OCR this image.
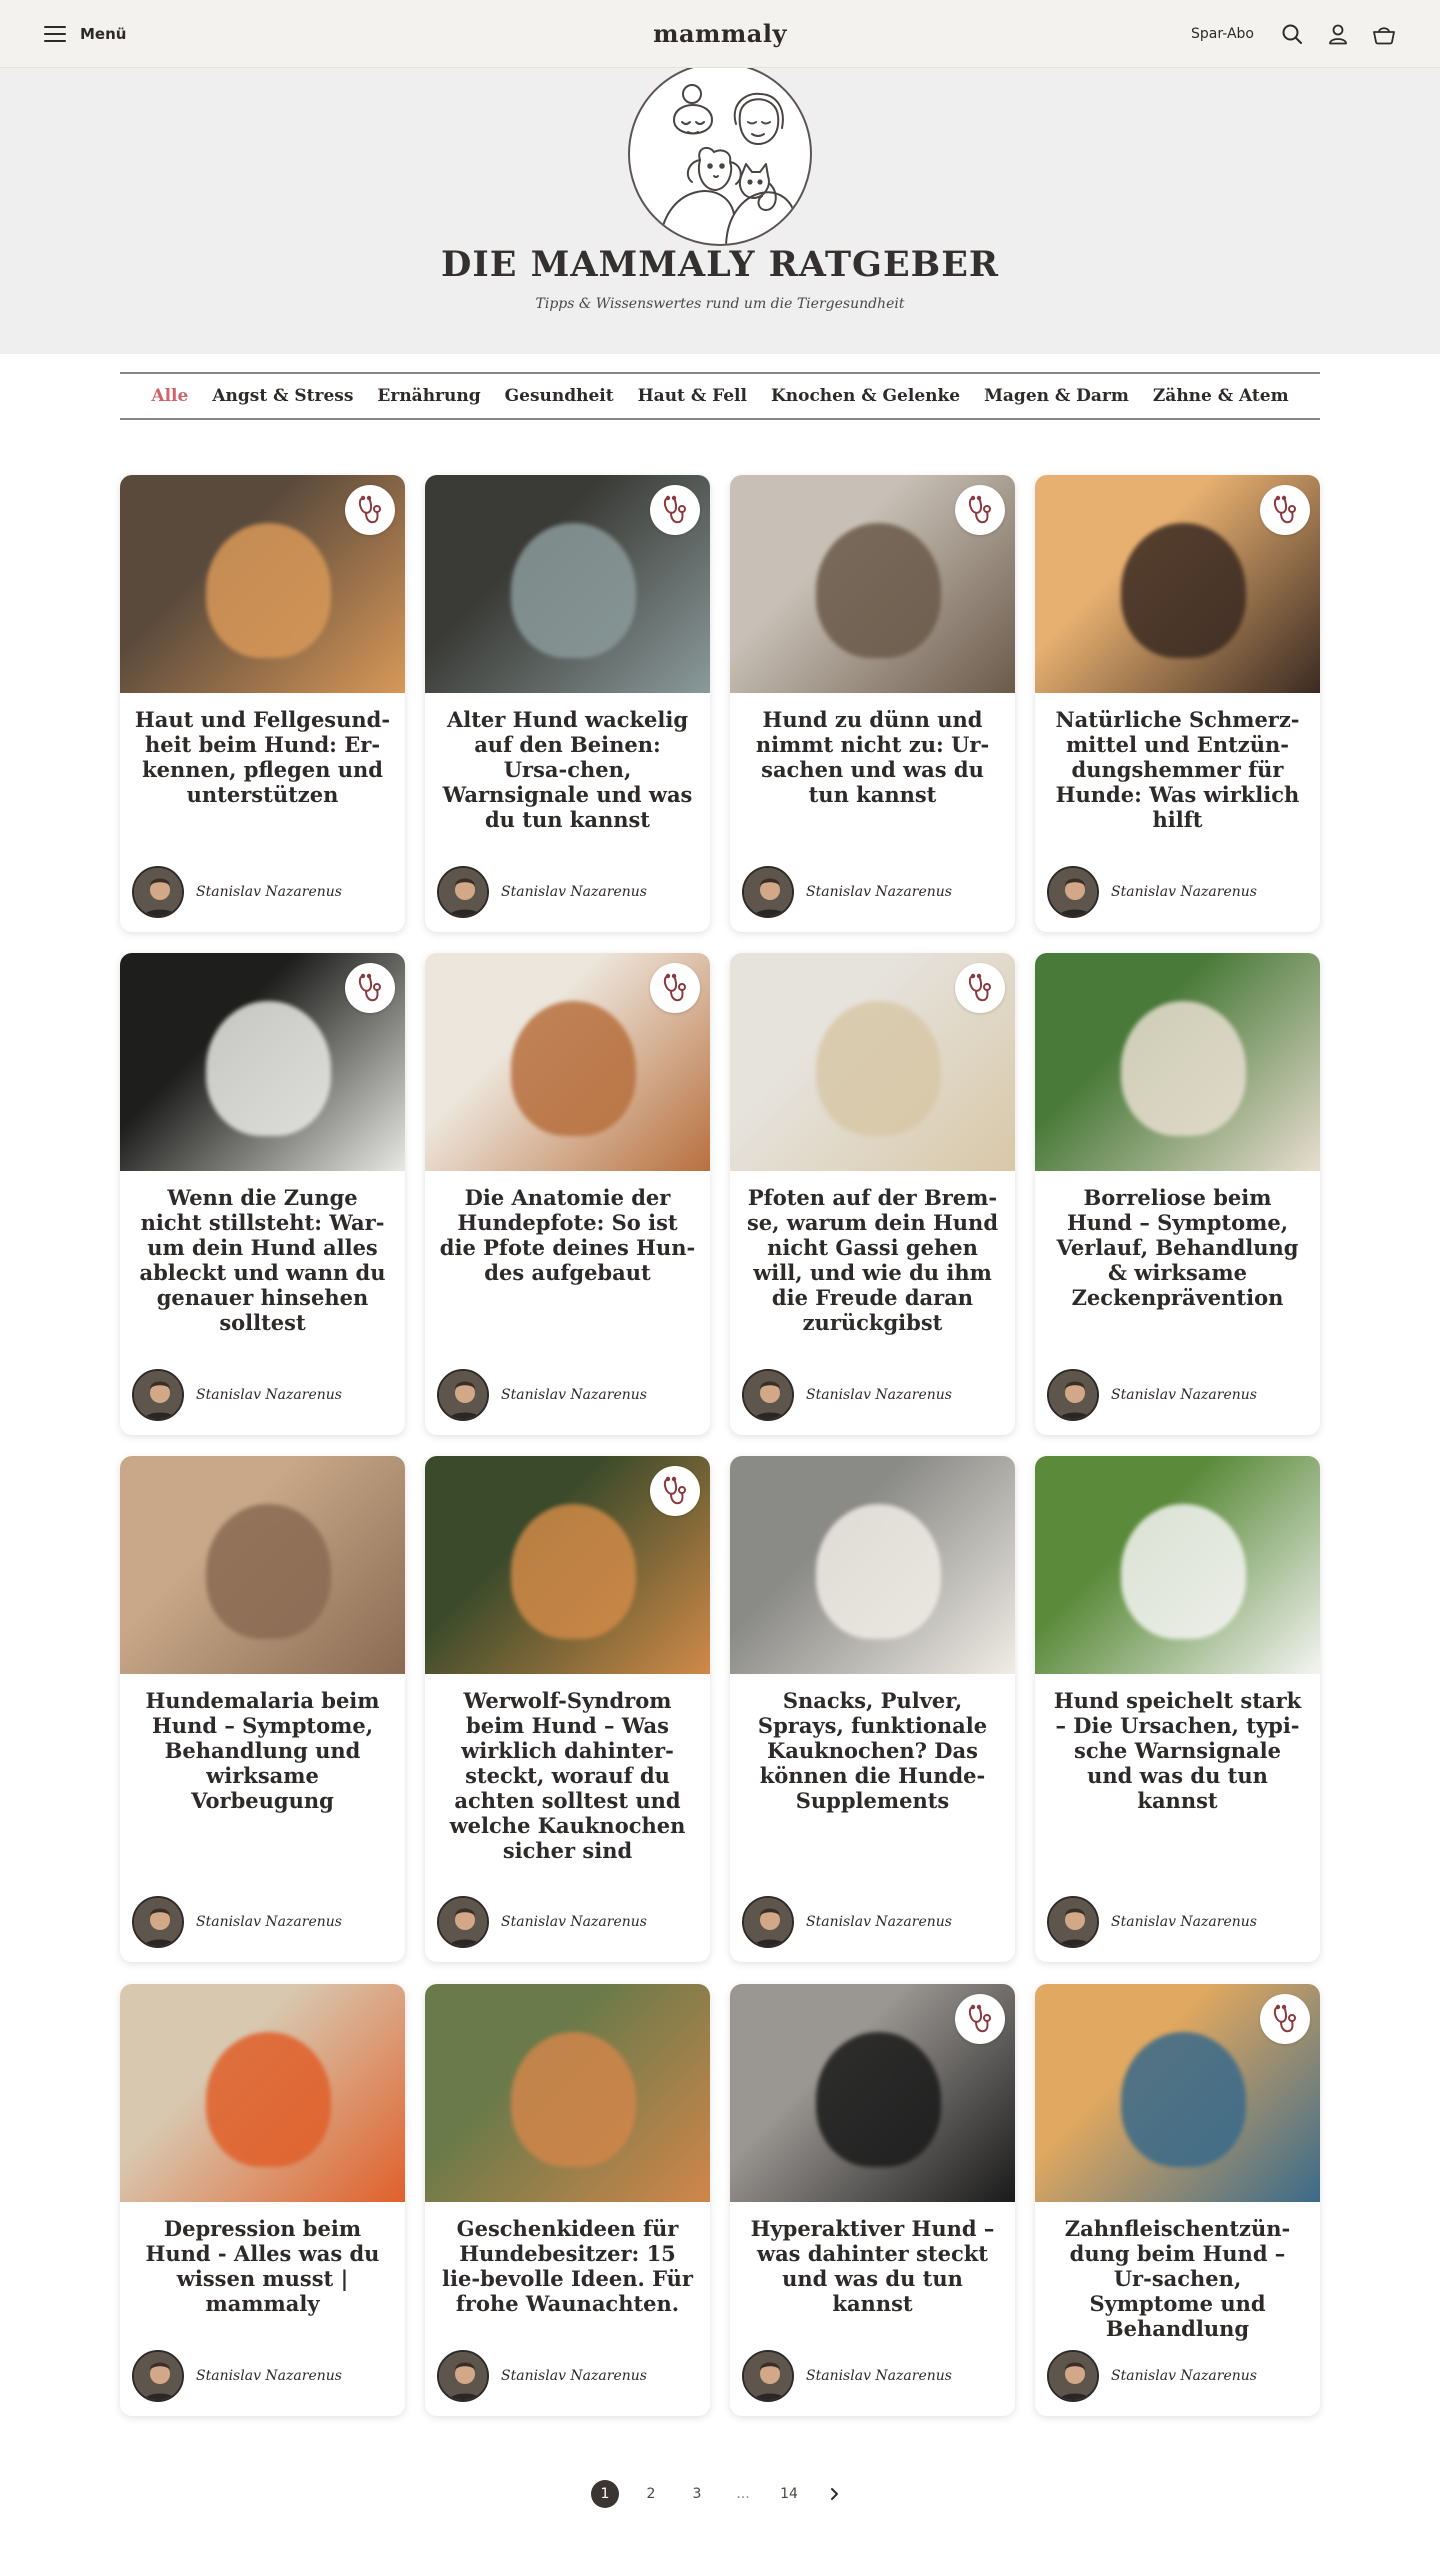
Menü	mammaly	Spar-Abo
DIE MAMMALY RATGEBER

Tipps & Wissenswertes rund um die Tiergesundheit

Alle	Angst & Stress	Ernährung	Gesundheit	Haut & Fell	Knochen & Gelenke	Magen & Darm	Zähne & Atem
Haut und Fellgesund-heit beim Hund: Er-kennen, pflegen und unterstützen
Stanislav Nazarenus
Alter Hund wackelig auf den Beinen: Ursa-chen, Warnsignale und was du tun kannst
Stanislav Nazarenus
Hund zu dünn und nimmt nicht zu: Ur-sachen und was du tun kannst
Stanislav Nazarenus
Natürliche Schmerz-mittel und Entzün-dungshemmer für Hunde: Was wirklich hilft
Stanislav Nazarenus
Wenn die Zunge nicht stillsteht: War-um dein Hund alles ableckt und wann du genauer hinsehen solltest
Stanislav Nazarenus
Die Anatomie der Hundepfote: So ist die Pfote deines Hun-des aufgebaut
Stanislav Nazarenus
Pfoten auf der Brem-se, warum dein Hund nicht Gassi gehen will, und wie du ihm die Freude daran zurückgibst
Stanislav Nazarenus
Borreliose beim Hund – Symptome, Verlauf, Behandlung & wirksame Zeckenprävention
Stanislav Nazarenus
Hundemalaria beim Hund – Symptome, Behandlung und wirksame Vorbeugung
Stanislav Nazarenus
Werwolf-Syndrom beim Hund – Was wirklich dahinter-steckt, worauf du achten solltest und welche Kauknochen sicher sind
Stanislav Nazarenus
Snacks, Pulver, Sprays, funktionale Kauknochen? Das können die Hunde-Supplements
Stanislav Nazarenus
Hund speichelt stark – Die Ursachen, typi-sche Warnsignale und was du tun kannst
Stanislav Nazarenus
Depression beim Hund - Alles was du wissen musst | mammaly
Stanislav Nazarenus
Geschenkideen für Hundebesitzer: 15 lie-bevolle Ideen. Für frohe Waunachten.
Stanislav Nazarenus
Hyperaktiver Hund – was dahinter steckt und was du tun kannst
Stanislav Nazarenus
Zahnfleischentzün-dung beim Hund – Ur-sachen, Symptome und Behandlung
Stanislav Nazarenus
1	2	3	...	14
